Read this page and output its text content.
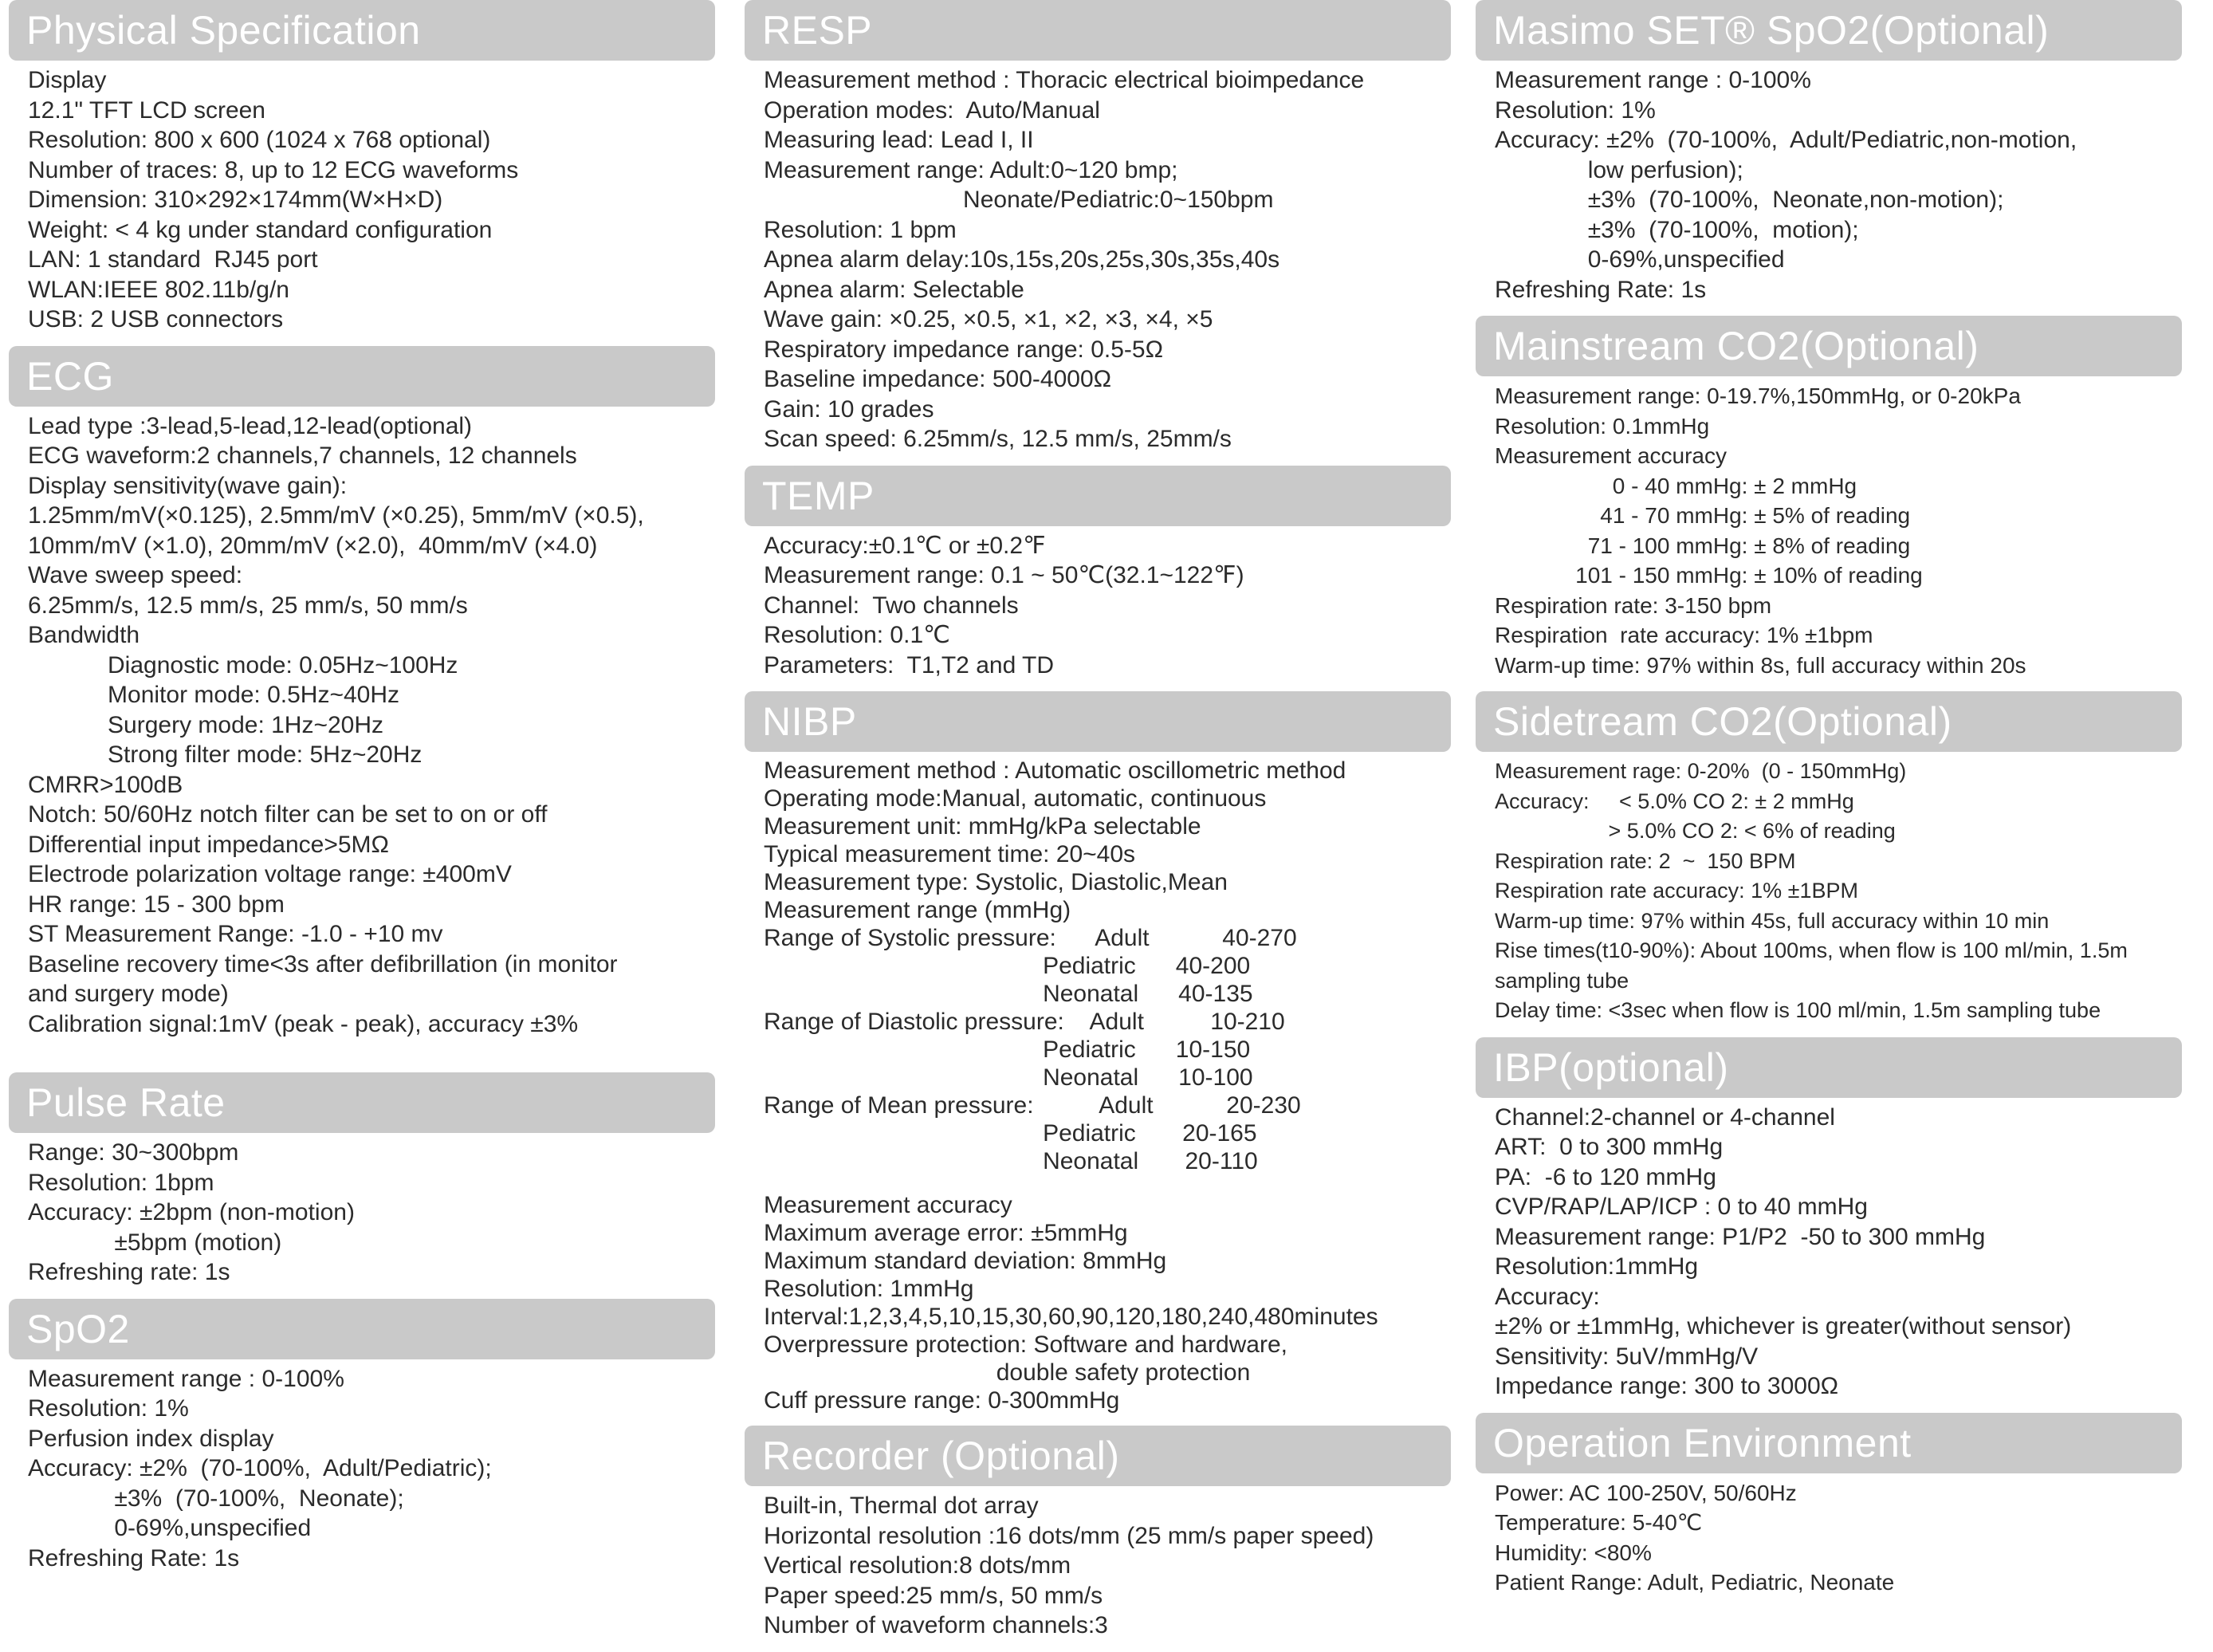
Physical Specification
Display
12.1" TFT LCD screen
Resolution: 800 x 600 (1024 x 768 optional)
Number of traces: 8, up to 12 ECG waveforms
Dimension: 310×292×174mm(W×H×D)
Weight: < 4 kg under standard configuration
LAN: 1 standard  RJ45 port
WLAN:IEEE 802.11b/g/n
USB: 2 USB connectors
ECG
Lead type :3-lead,5-lead,12-lead(optional)
ECG waveform:2 channels,7 channels, 12 channels
Display sensitivity(wave gain):
1.25mm/mV(×0.125), 2.5mm/mV (×0.25), 5mm/mV (×0.5),
10mm/mV (×1.0), 20mm/mV (×2.0),  40mm/mV (×4.0)
Wave sweep speed:
6.25mm/s, 12.5 mm/s, 25 mm/s, 50 mm/s
Bandwidth
Diagnostic mode: 0.05Hz~100Hz
Monitor mode: 0.5Hz~40Hz
Surgery mode: 1Hz~20Hz
Strong filter mode: 5Hz~20Hz
CMRR>100dB
Notch: 50/60Hz notch filter can be set to on or off
Differential input impedance>5MΩ
Electrode polarization voltage range: ±400mV
HR range: 15 - 300 bpm
ST Measurement Range: -1.0 - +10 mv
Baseline recovery time<3s after defibrillation (in monitor
and surgery mode)
Calibration signal:1mV (peak - peak), accuracy ±3%
Pulse Rate
Range: 30~300bpm
Resolution: 1bpm
Accuracy: ±2bpm (non-motion)
±5bpm (motion)
Refreshing rate: 1s
SpO2
Measurement range : 0-100%
Resolution: 1%
Perfusion index display
Accuracy: ±2%  (70-100%,  Adult/Pediatric);
±3%  (70-100%,  Neonate);
0-69%,unspecified
Refreshing Rate: 1s
RESP
Measurement method : Thoracic electrical bioimpedance
Operation modes:  Auto/Manual
Measuring lead: Lead I, II
Measurement range: Adult:0~120 bmp;
Neonate/Pediatric:0~150bpm
Resolution: 1 bpm
Apnea alarm delay:10s,15s,20s,25s,30s,35s,40s
Apnea alarm: Selectable
Wave gain: ×0.25, ×0.5, ×1, ×2, ×3, ×4, ×5
Respiratory impedance range: 0.5-5Ω
Baseline impedance: 500-4000Ω
Gain: 10 grades
Scan speed: 6.25mm/s, 12.5 mm/s, 25mm/s
TEMP
Accuracy:±0.1℃ or ±0.2℉
Measurement range: 0.1 ~ 50℃(32.1~122℉)
Channel:  Two channels
Resolution: 0.1℃
Parameters:  T1,T2 and TD
NIBP
Measurement method : Automatic oscillometric method
Operating mode:Manual, automatic, continuous
Measurement unit: mmHg/kPa selectable
Typical measurement time: 20~40s
Measurement type: Systolic, Diastolic,Mean
Measurement range (mmHg)
Range of Systolic pressure:      Adult           40-270
Pediatric      40-200
Neonatal      40-135
Range of Diastolic pressure:    Adult          10-210
Pediatric      10-150
Neonatal      10-100
Range of Mean pressure:          Adult           20-230
Pediatric       20-165
Neonatal       20-110
Measurement accuracy
Maximum average error: ±5mmHg
Maximum standard deviation: 8mmHg
Resolution: 1mmHg
Interval:1,2,3,4,5,10,15,30,60,90,120,180,240,480minutes
Overpressure protection: Software and hardware,
double safety protection
Cuff pressure range: 0-300mmHg
Recorder (Optional)
Built-in, Thermal dot array
Horizontal resolution :16 dots/mm (25 mm/s paper speed)
Vertical resolution:8 dots/mm
Paper speed:25 mm/s, 50 mm/s
Number of waveform channels:3
Masimo SET® SpO2(Optional)
Measurement range : 0-100%
Resolution: 1%
Accuracy: ±2%  (70-100%,  Adult/Pediatric,non-motion,
low perfusion);
±3%  (70-100%,  Neonate,non-motion);
±3%  (70-100%,  motion);
0-69%,unspecified
Refreshing Rate: 1s
Mainstream CO2(Optional)
Measurement range: 0-19.7%,150mmHg, or 0-20kPa
Resolution: 0.1mmHg
Measurement accuracy
0 - 40 mmHg: ± 2 mmHg
41 - 70 mmHg: ± 5% of reading
71 - 100 mmHg: ± 8% of reading
101 - 150 mmHg: ± 10% of reading
Respiration rate: 3-150 bpm
Respiration  rate accuracy: 1% ±1bpm
Warm-up time: 97% within 8s, full accuracy within 20s
Sidetream CO2(Optional)
Measurement rage: 0-20%  (0 - 150mmHg)
Accuracy:     < 5.0% CO 2: ± 2 mmHg
> 5.0% CO 2: < 6% of reading
Respiration rate: 2  ~  150 BPM
Respiration rate accuracy: 1% ±1BPM
Warm-up time: 97% within 45s, full accuracy within 10 min
Rise times(t10-90%): About 100ms, when flow is 100 ml/min, 1.5m
sampling tube
Delay time: <3sec when flow is 100 ml/min, 1.5m sampling tube
IBP(optional)
Channel:2-channel or 4-channel
ART:  0 to 300 mmHg
PA:  -6 to 120 mmHg
CVP/RAP/LAP/ICP : 0 to 40 mmHg
Measurement range: P1/P2  -50 to 300 mmHg
Resolution:1mmHg
Accuracy:
±2% or ±1mmHg, whichever is greater(without sensor)
Sensitivity: 5uV/mmHg/V
Impedance range: 300 to 3000Ω
Operation Environment
Power: AC 100-250V, 50/60Hz
Temperature: 5-40℃
Humidity: <80%
Patient Range: Adult, Pediatric, Neonate
